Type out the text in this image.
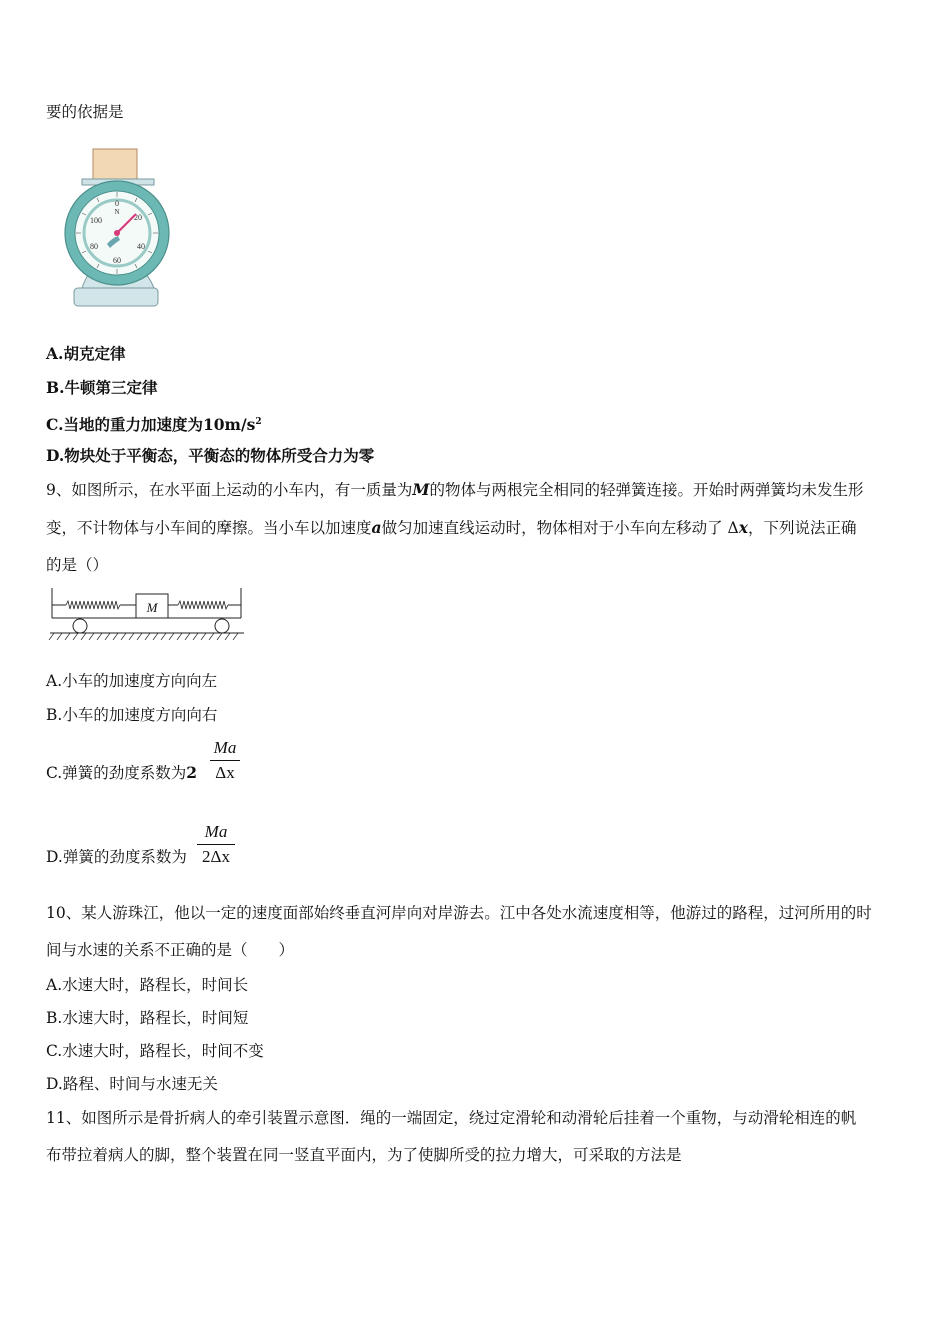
要的依据是
0
N
20
40
60
80
100
A.胡克定律
B.牛顿第三定律
C.当地的重力加速度为$10m/s^2$
D.物块处于平衡态，平衡态的物体所受合力为零
9、如图所示，在水平面上运动的小车内，有一质量为M的物体与两根完全相同的轻弹簧连接。开始时两弹簧均未发生形
变，不计物体与小车间的摩擦。当小车以加速度a做匀加速直线运动时，物体相对于小车向左移动了 Δx，下列说法正确
的是（）
M
A.小车的加速度方向向左
B.小车的加速度方向向右
C.弹簧的劲度系数为2
Ma
Δx
D.弹簧的劲度系数为
Ma
2Δx
10、某人游珠江，他以一定的速度面部始终垂直河岸向对岸游去。江中各处水流速度相等，他游过的路程，过河所用的时
间与水速的关系不正确的是（　　）
A.水速大时，路程长，时间长
B.水速大时，路程长，时间短
C.水速大时，路程长，时间不变
D.路程、时间与水速无关
11、如图所示是骨折病人的牵引装置示意图．绳的一端固定，绕过定滑轮和动滑轮后挂着一个重物，与动滑轮相连的帆
布带拉着病人的脚，整个装置在同一竖直平面内，为了使脚所受的拉力增大，可采取的方法是
